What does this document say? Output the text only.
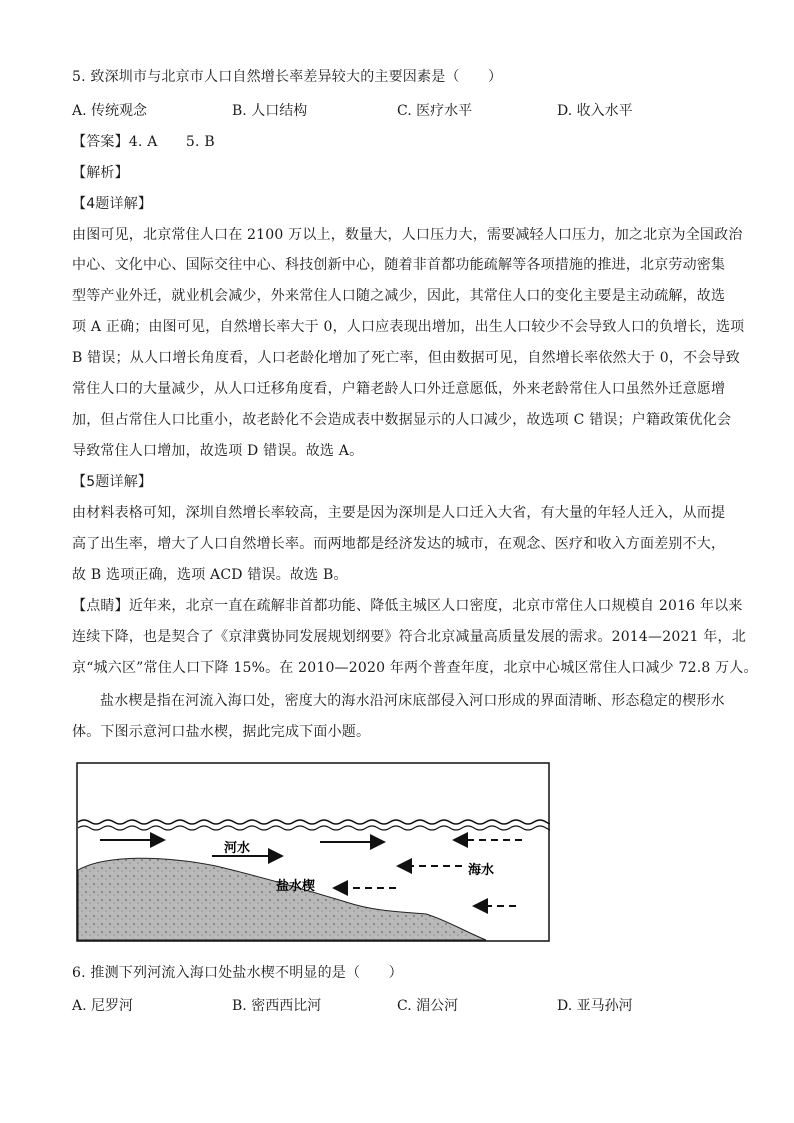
5. 致深圳市与北京市人口自然增长率差异较大的主要因素是（　　）
A. 传统观念	B. 人口结构	C. 医疗水平	D. 收入水平
【答案】4. A　　5. B
【解析】
【4题详解】
由图可见，北京常住人口在 2100 万以上，数量大，人口压力大，需要减轻人口压力，加之北京为全国政治
中心、文化中心、国际交往中心、科技创新中心，随着非首都功能疏解等各项措施的推进，北京劳动密集
型等产业外迁，就业机会减少，外来常住人口随之减少，因此，其常住人口的变化主要是主动疏解，故选
项 A 正确；由图可见，自然增长率大于 0，人口应表现出增加，出生人口较少不会导致人口的负增长，选项
B 错误；从人口增长角度看，人口老龄化增加了死亡率，但由数据可见，自然增长率依然大于 0，不会导致
常住人口的大量减少，从人口迁移角度看，户籍老龄人口外迁意愿低，外来老龄常住人口虽然外迁意愿增
加，但占常住人口比重小，故老龄化不会造成表中数据显示的人口减少，故选项 C 错误；户籍政策优化会
导致常住人口增加，故选项 D 错误。故选 A。
【5题详解】
由材料表格可知，深圳自然增长率较高，主要是因为深圳是人口迁入大省，有大量的年轻人迁入，从而提
高了出生率，增大了人口自然增长率。而两地都是经济发达的城市，在观念、医疗和收入方面差别不大，
故 B 选项正确，选项 ACD 错误。故选 B。
【点睛】近年来，北京一直在疏解非首都功能、降低主城区人口密度，北京市常住人口规模自 2016 年以来
连续下降，也是契合了《京津冀协同发展规划纲要》符合北京减量高质量发展的需求。2014—2021 年，北
京“城六区”常住人口下降 15%。在 2010—2020 年两个普查年度，北京中心城区常住人口减少 72.8 万人。
盐水楔是指在河流入海口处，密度大的海水沿河床底部侵入河口形成的界面清晰、形态稳定的楔形水
体。下图示意河口盐水楔，据此完成下面小题。
河水
盐水楔
海水
6. 推测下列河流入海口处盐水楔不明显的是（　　）
A. 尼罗河	B. 密西西比河	C. 湄公河	D. 亚马孙河
